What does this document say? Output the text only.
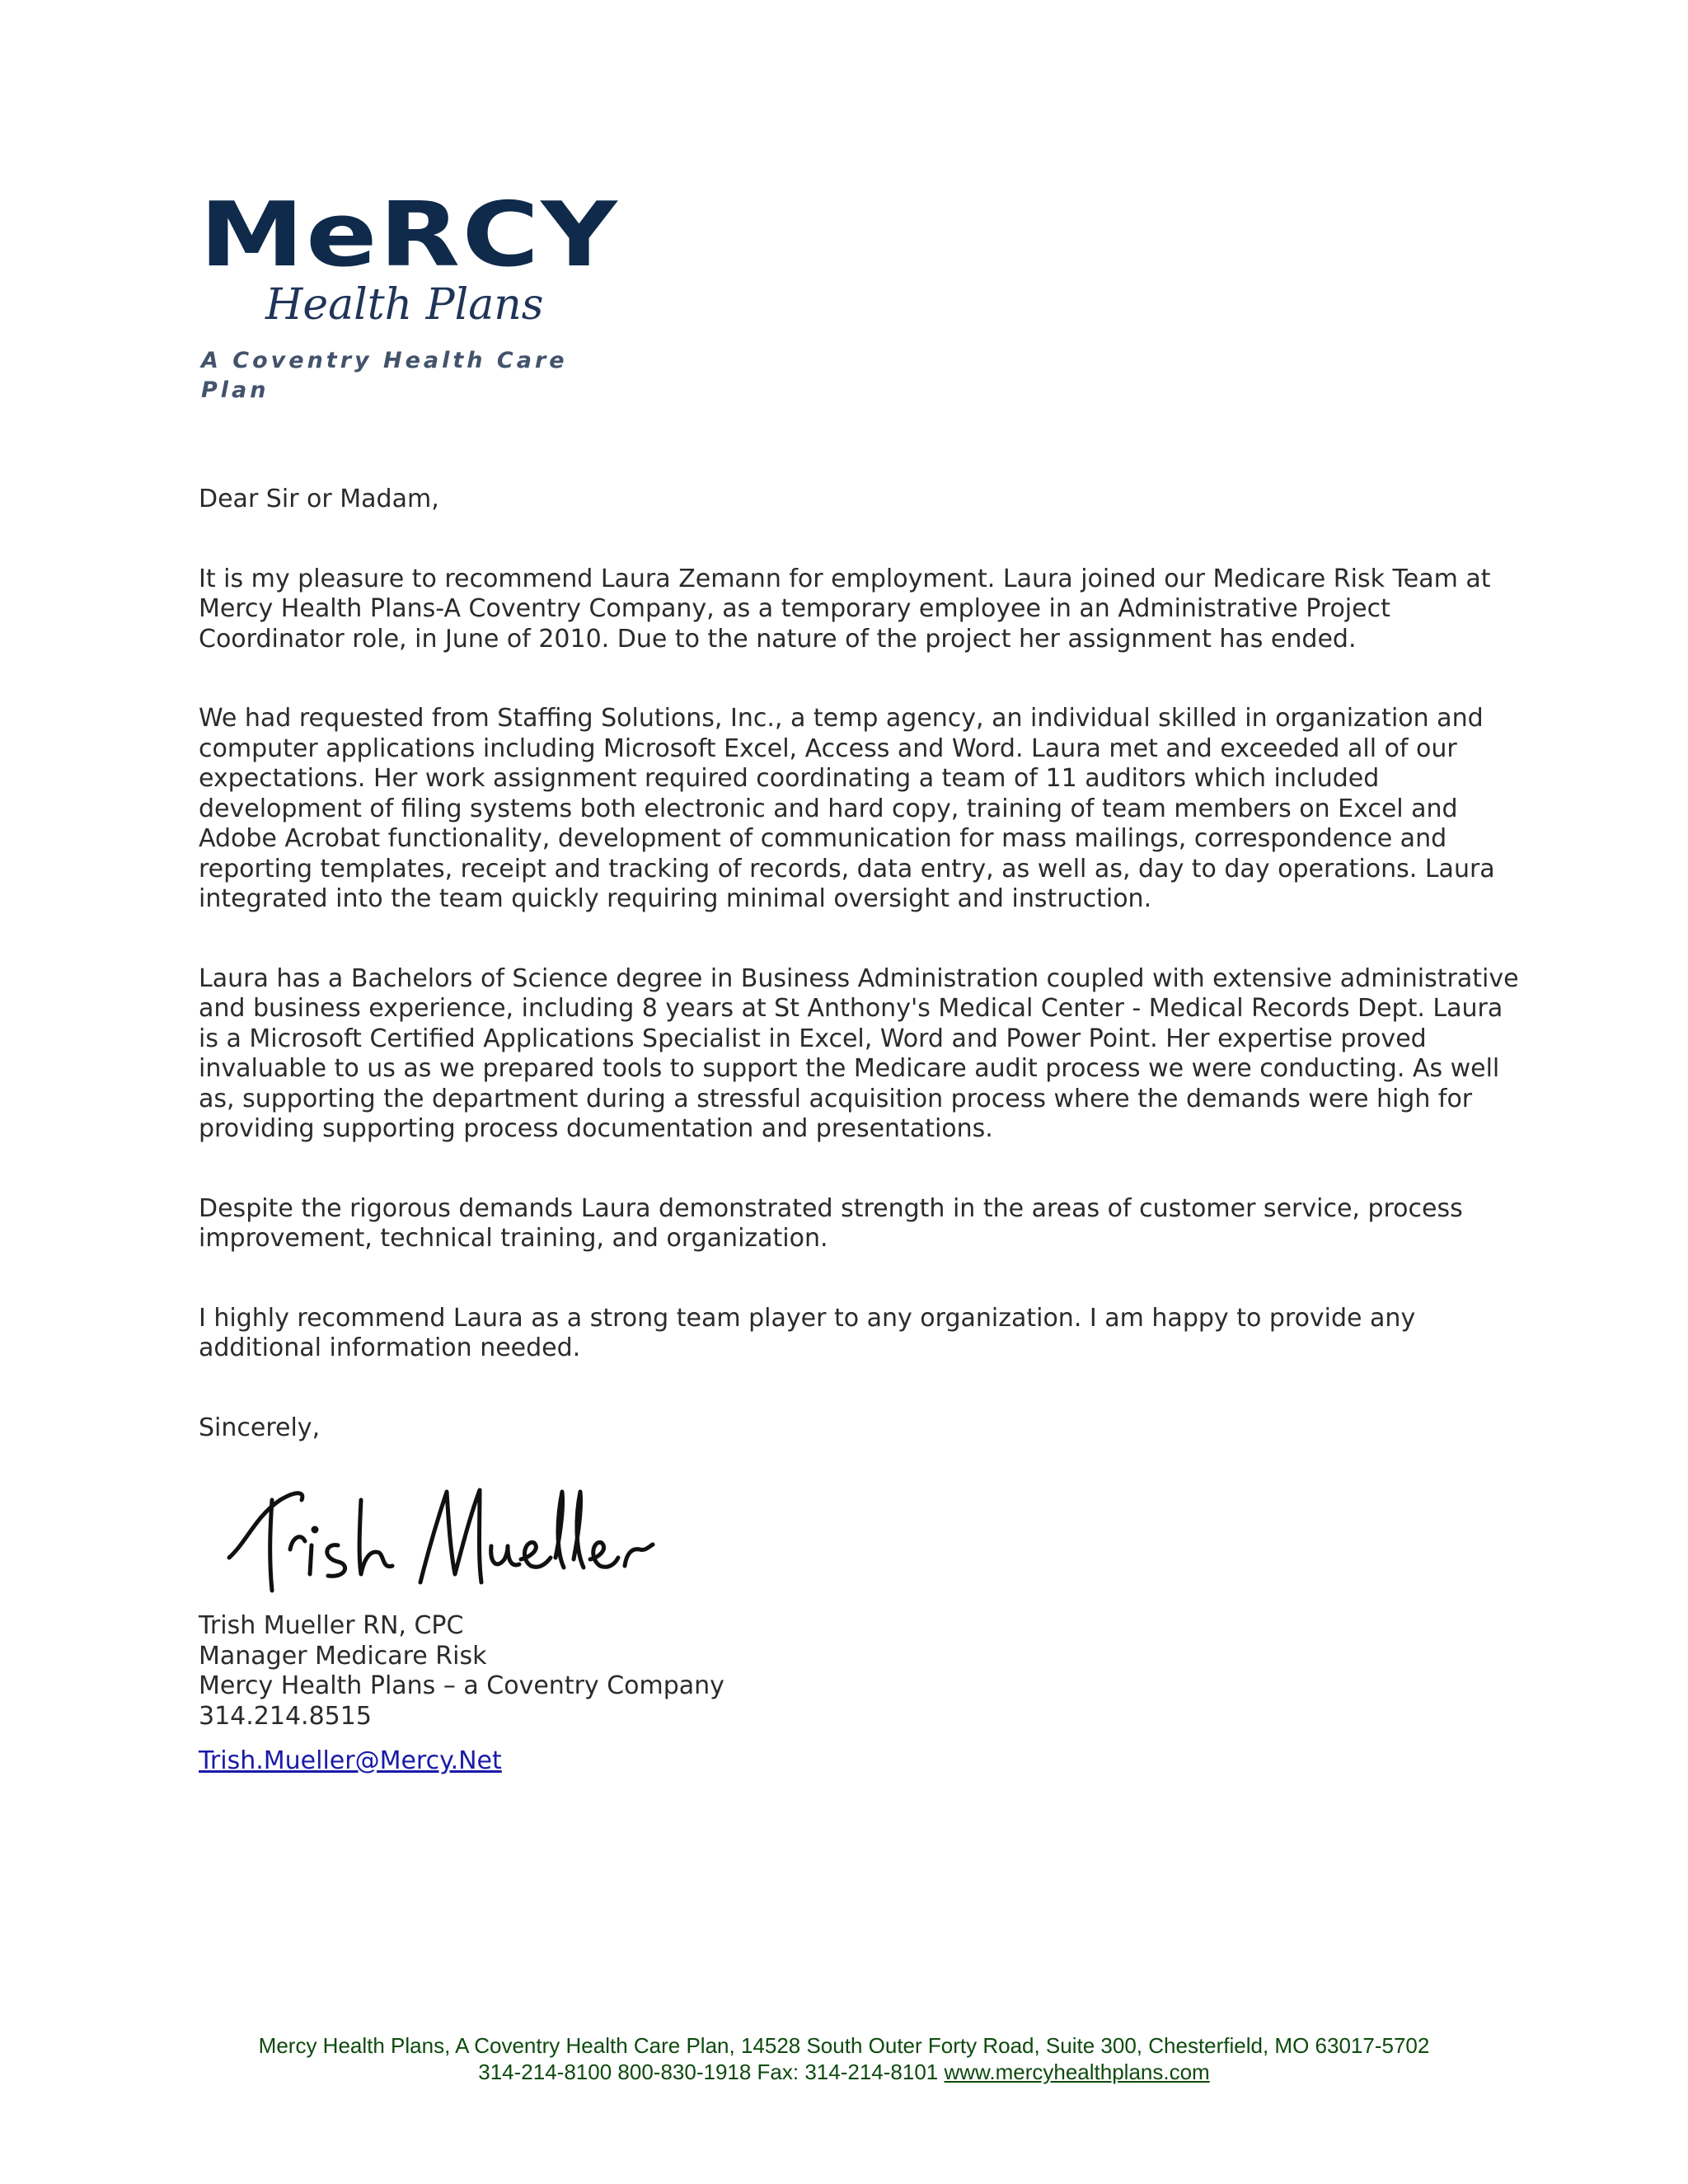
MeRCY
Health Plans
A Coventry Health Care Plan

Dear Sir or Madam,

It is my pleasure to recommend Laura Zemann for employment. Laura joined our Medicare Risk Team at Mercy Health Plans-A Coventry Company, as a temporary employee in an Administrative Project Coordinator role, in June of 2010. Due to the nature of the project her assignment has ended.

We had requested from Staffing Solutions, Inc., a temp agency, an individual skilled in organization and computer applications including Microsoft Excel, Access and Word. Laura met and exceeded all of our expectations. Her work assignment required coordinating a team of 11 auditors which included development of filing systems both electronic and hard copy, training of team members on Excel and Adobe Acrobat functionality, development of communication for mass mailings, correspondence and reporting templates, receipt and tracking of records, data entry, as well as, day to day operations. Laura integrated into the team quickly requiring minimal oversight and instruction.

Laura has a Bachelors of Science degree in Business Administration coupled with extensive administrative and business experience, including 8 years at St Anthony's Medical Center - Medical Records Dept. Laura is a Microsoft Certified Applications Specialist in Excel, Word and Power Point. Her expertise proved invaluable to us as we prepared tools to support the Medicare audit process we were conducting. As well as, supporting the department during a stressful acquisition process where the demands were high for providing supporting process documentation and presentations.

Despite the rigorous demands Laura demonstrated strength in the areas of customer service, process improvement, technical training, and organization.

I highly recommend Laura as a strong team player to any organization. I am happy to provide any additional information needed.

Sincerely,

Trish Mueller RN, CPC
Manager Medicare Risk
Mercy Health Plans – a Coventry Company
314.214.8515
Trish.Mueller@Mercy.Net
Mercy Health Plans, A Coventry Health Care Plan, 14528 South Outer Forty Road, Suite 300, Chesterfield, MO 63017-5702
314-214-8100 800-830-1918 Fax: 314-214-8101 www.mercyhealthplans.com
